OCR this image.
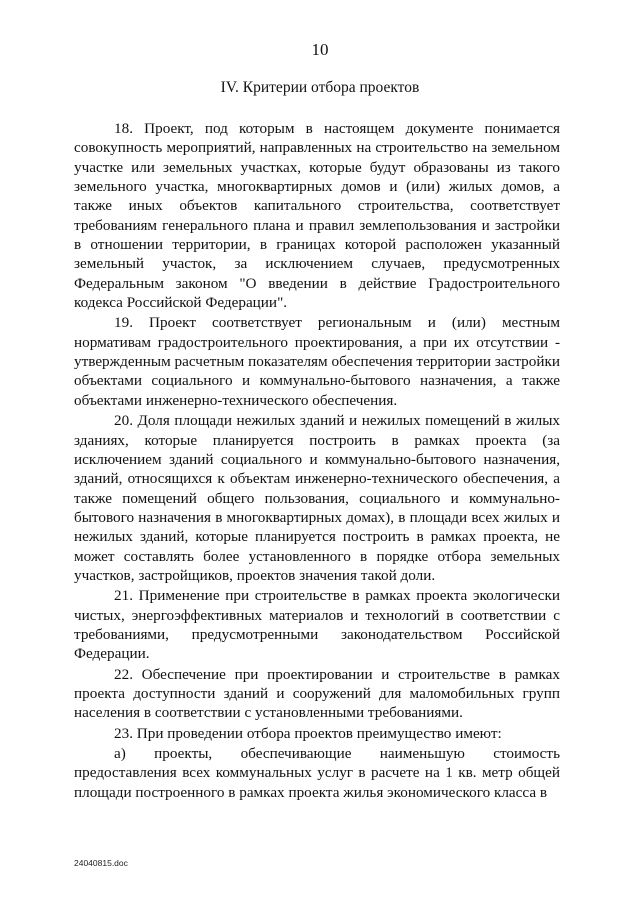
10
IV. Критерии отбора проектов

18. Проект, под которым в настоящем документе понимается совокупность мероприятий, направленных на строительство на земельном участке или земельных участках, которые будут образованы из такого земельного участка, многоквартирных домов и (или) жилых домов, а также иных объектов капитального строительства, соответствует требованиям генерального плана и правил землепользования и застройки в отношении территории, в границах которой расположен указанный земельный участок, за исключением случаев, предусмотренных Федеральным законом "О введении в действие Градостроительного кодекса Российской Федерации".

19. Проект соответствует региональным и (или) местным нормативам градостроительного проектирования, а при их отсутствии - утвержденным расчетным показателям обеспечения территории застройки объектами социального и коммунально-бытового назначения, а также объектами инженерно-технического обеспечения.

20. Доля площади нежилых зданий и нежилых помещений в жилых зданиях, которые планируется построить в рамках проекта (за исключением зданий социального и коммунально-бытового назначения, зданий, относящихся к объектам инженерно-технического обеспечения, а также помещений общего пользования, социального и коммунально-бытового назначения в многоквартирных домах), в площади всех жилых и нежилых зданий, которые планируется построить в рамках проекта, не может составлять более установленного в порядке отбора земельных участков, застройщиков, проектов значения такой доли.

21. Применение при строительстве в рамках проекта экологически чистых, энергоэффективных материалов и технологий в соответствии с требованиями, предусмотренными законодательством Российской Федерации.

22. Обеспечение при проектировании и строительстве в рамках проекта доступности зданий и сооружений для маломобильных групп населения в соответствии с установленными требованиями.

23. При проведении отбора проектов преимущество имеют:

а) проекты, обеспечивающие наименьшую стоимость предоставления всех коммунальных услуг в расчете на 1 кв. метр общей площади построенного в рамках проекта жилья экономического класса в

24040815.doc
